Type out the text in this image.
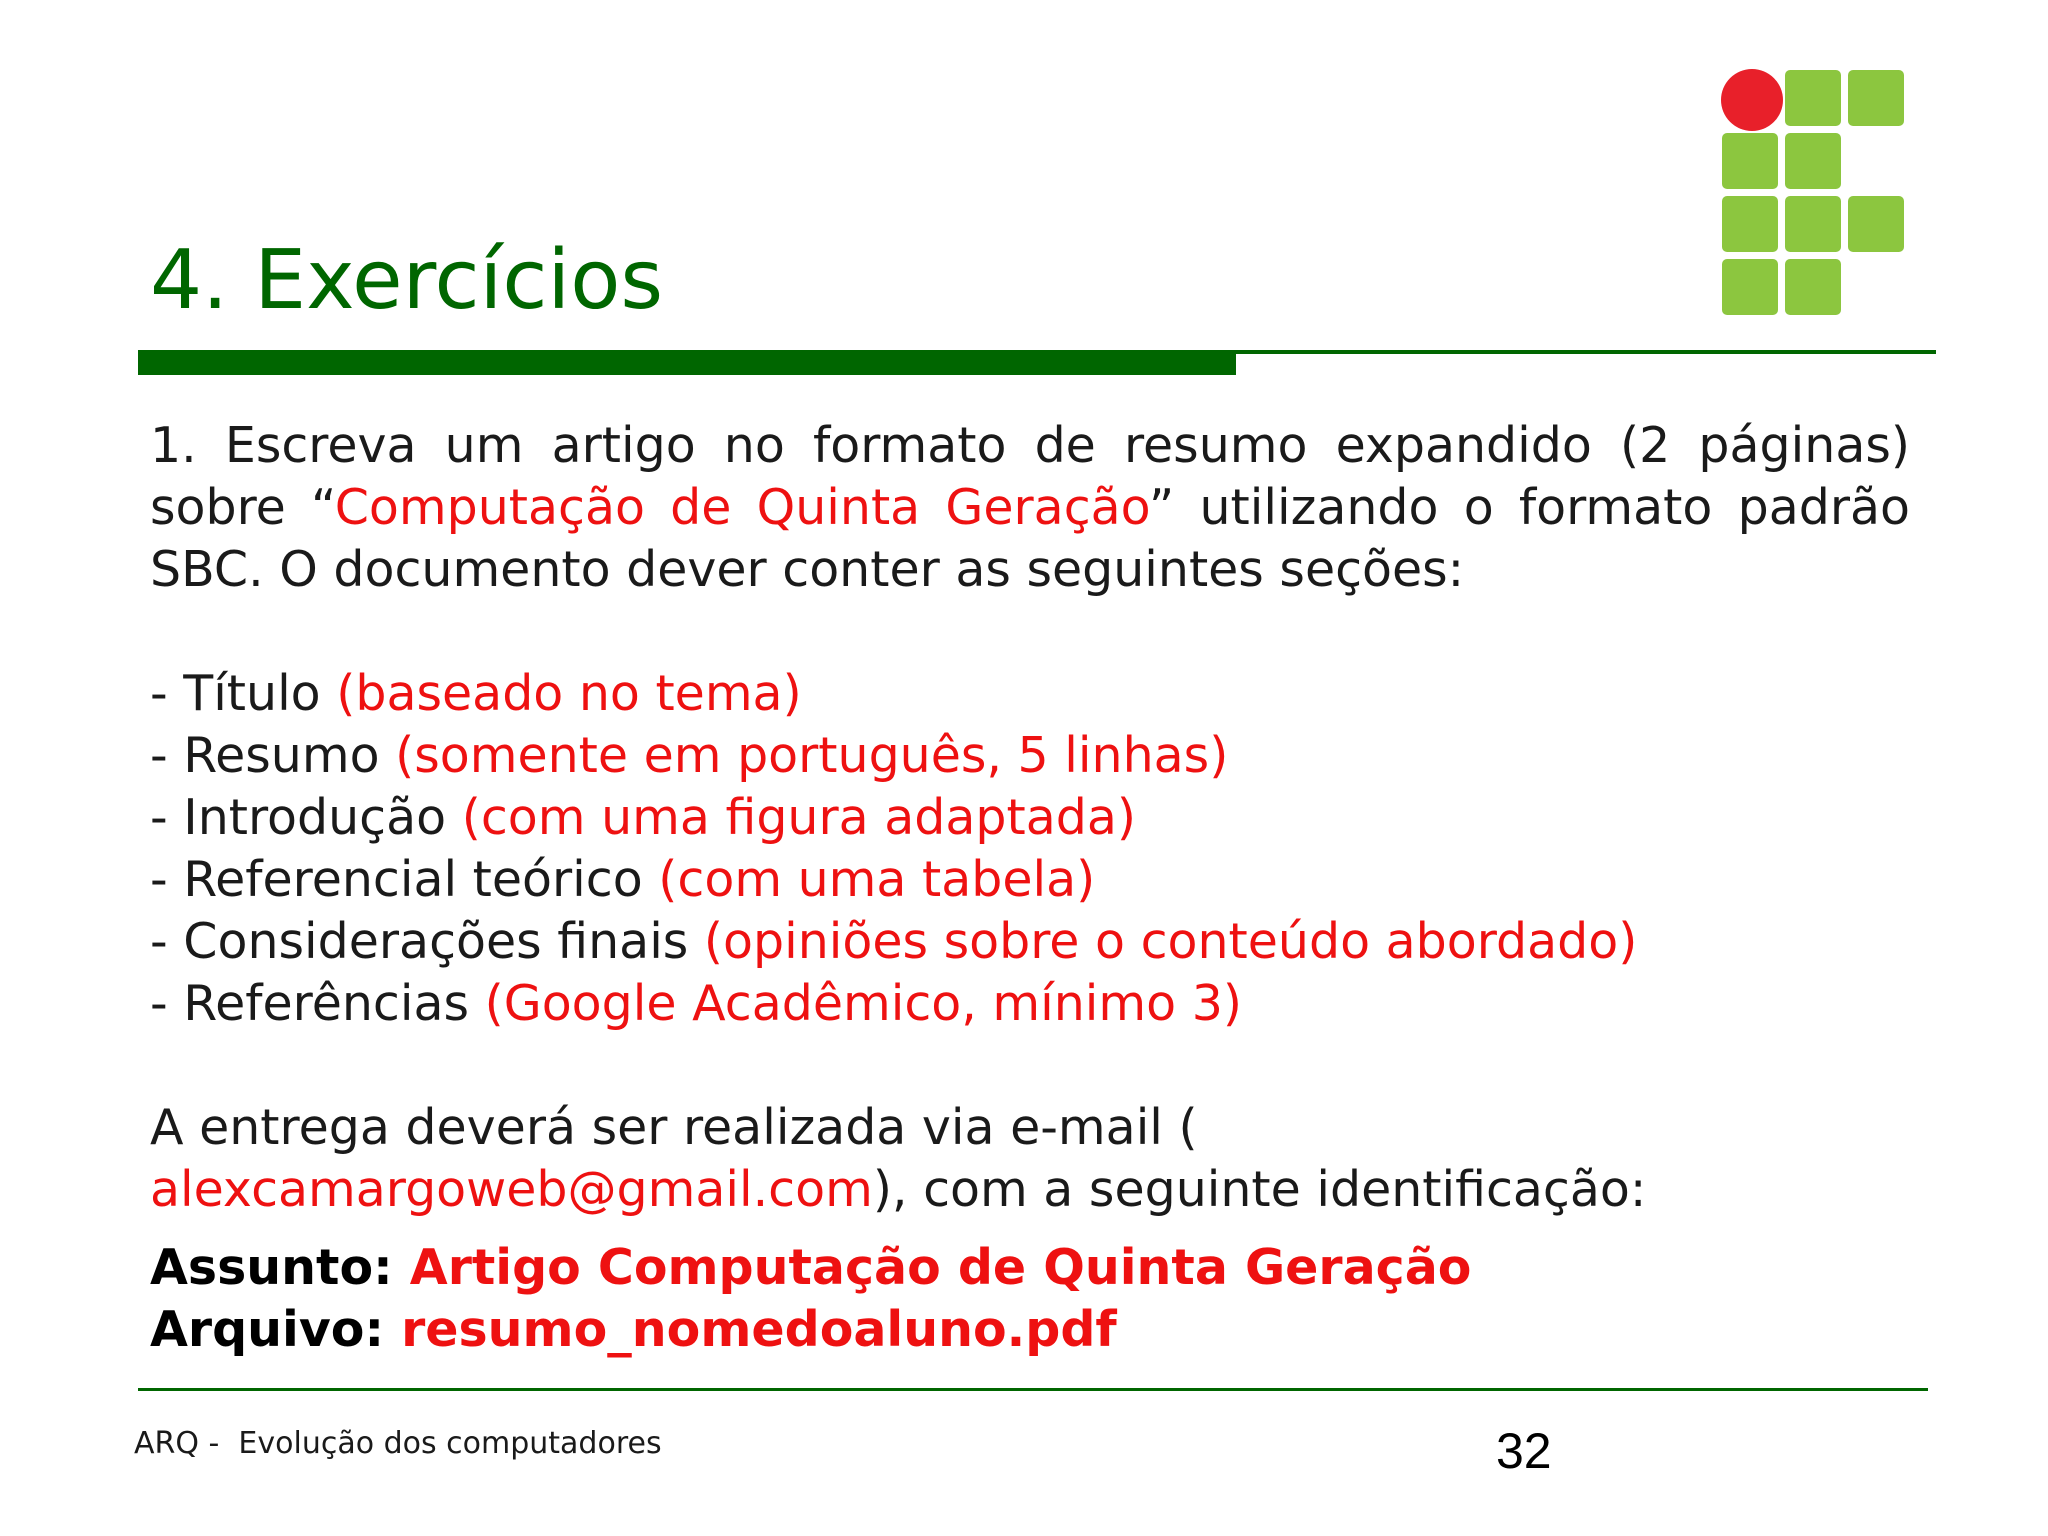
4. Exercícios

1. Escreva um artigo no formato de resumo expandido (2 páginas) sobre “Computação de Quinta Geração” utilizando o formato padrão SBC. O documento dever conter as seguintes seções:

- Título (baseado no tema)
- Resumo (somente em português, 5 linhas)
- Introdução (com uma figura adaptada)
- Referencial teórico (com uma tabela)
- Considerações finais (opiniões sobre o conteúdo abordado)
- Referências (Google Acadêmico, mínimo 3)

A entrega deverá ser realizada via e-mail (
alexcamargoweb@gmail.com), com a seguinte identificação:

Assunto: Artigo Computação de Quinta Geração
Arquivo: resumo_nomedoaluno.pdf
ARQ -  Evolução dos computadores	32
